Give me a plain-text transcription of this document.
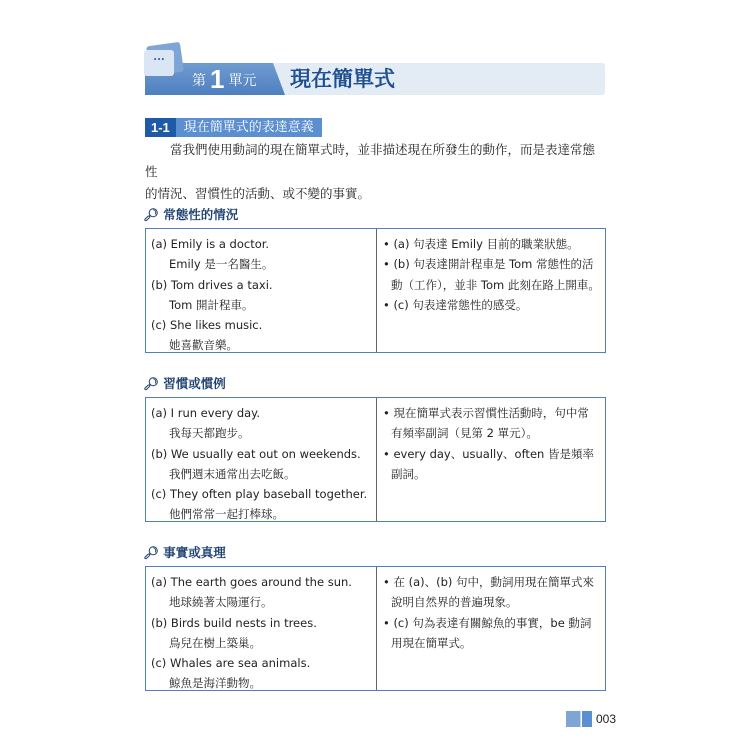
...
第 1 單元 現在簡單式
1-1	現在簡單式的表達意義
當我們使用動詞的現在簡單式時，並非描述現在所發生的動作，而是表達常態性
的情況、習慣性的活動、或不變的事實。
🔎︎ 常態性的情況
(a) Emily is a doctor.
Emily 是一名醫生。
(b) Tom drives a taxi.
Tom 開計程車。
(c) She likes music.
她喜歡音樂。
• (a) 句表達 Emily 目前的職業狀態。
• (b) 句表達開計程車是 Tom 常態性的活動（工作），並非 Tom 此刻在路上開車。
• (c) 句表達常態性的感受。
🔎︎ 習慣或慣例
(a) I run every day.
我每天都跑步。
(b) We usually eat out on weekends.
我們週末通常出去吃飯。
(c) They often play baseball together.
他們常常一起打棒球。
• 現在簡單式表示習慣性活動時，句中常有頻率副詞（見第 2 單元）。
• every day、usually、often 皆是頻率副詞。
🔎︎ 事實或真理
(a) The earth goes around the sun.
地球繞著太陽運行。
(b) Birds build nests in trees.
鳥兒在樹上築巢。
(c) Whales are sea animals.
鯨魚是海洋動物。
• 在 (a)、(b) 句中，動詞用現在簡單式來說明自然界的普遍現象。
• (c) 句為表達有關鯨魚的事實，be 動詞用現在簡單式。
003
